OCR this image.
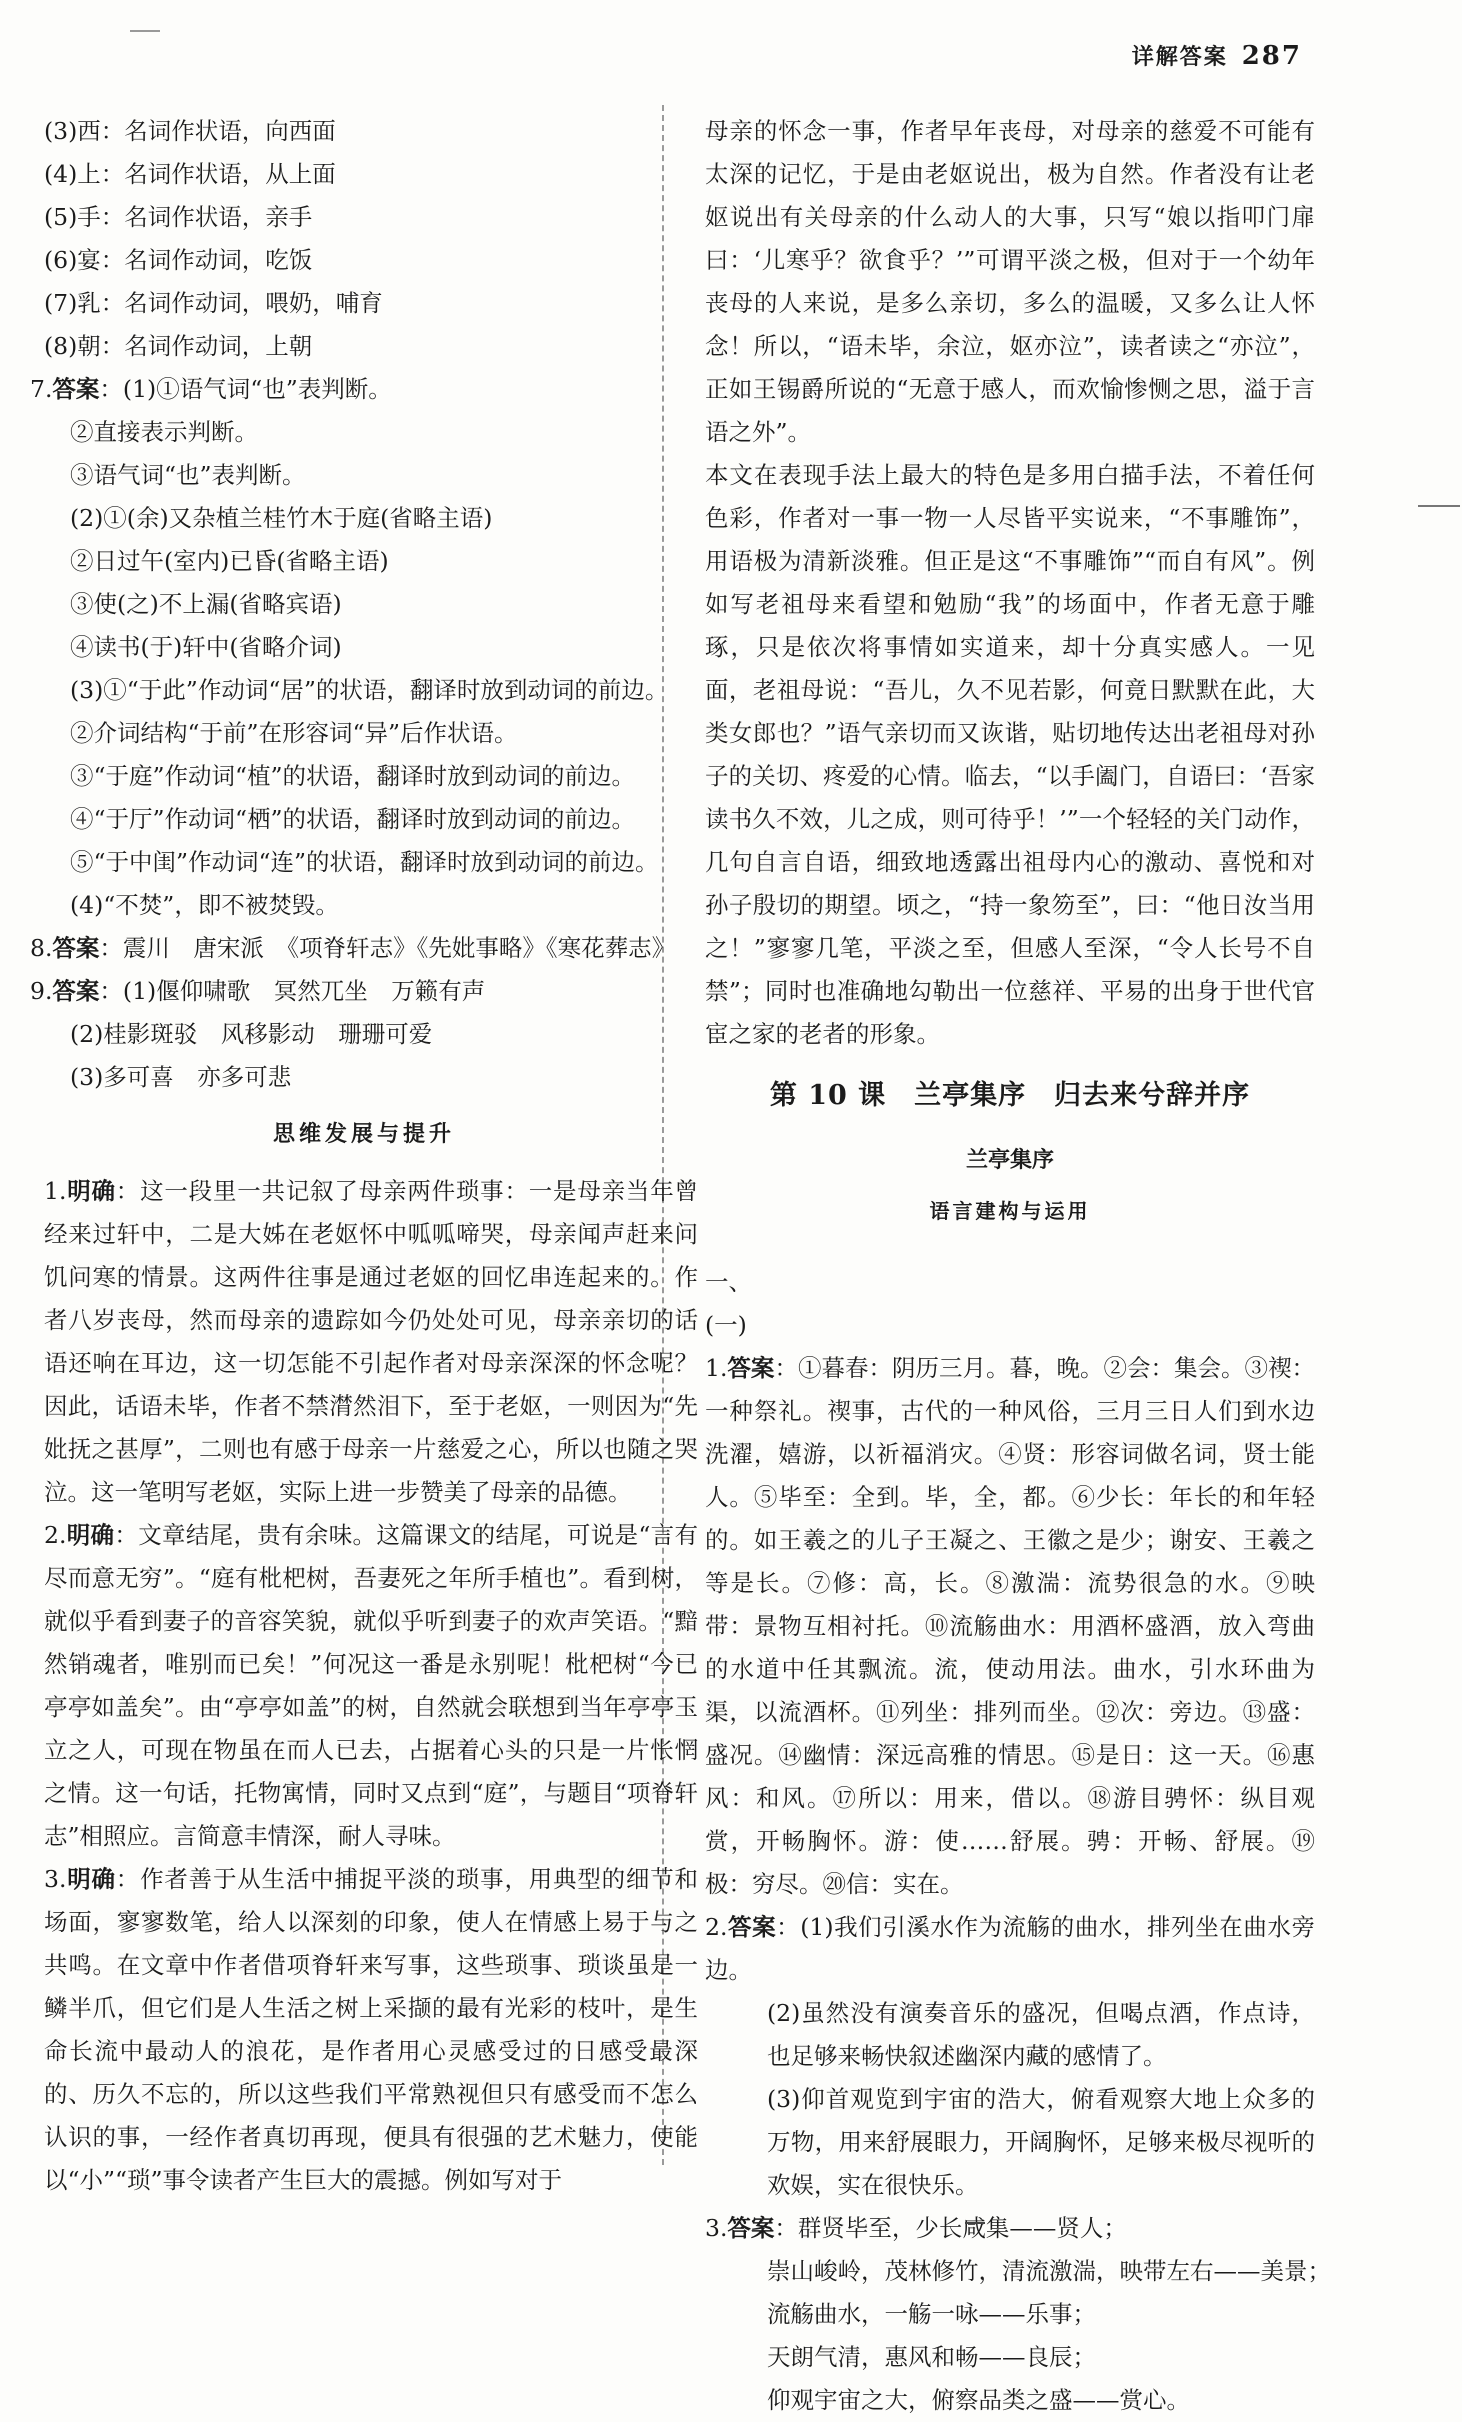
详解答案 287

(3)西：名词作状语，向西面

(4)上：名词作状语，从上面

(5)手：名词作状语，亲手

(6)宴：名词作动词，吃饭

(7)乳：名词作动词，喂奶，哺育

(8)朝：名词作动词，上朝

7.答案：(1)①语气词“也”表判断。

②直接表示判断。

③语气词“也”表判断。

(2)①(余)又杂植兰桂竹木于庭(省略主语)

②日过午(室内)已昏(省略主语)

③使(之)不上漏(省略宾语)

④读书(于)轩中(省略介词)

(3)①“于此”作动词“居”的状语，翻译时放到动词的前边。

②介词结构“于前”在形容词“异”后作状语。

③“于庭”作动词“植”的状语，翻译时放到动词的前边。

④“于厅”作动词“栖”的状语，翻译时放到动词的前边。

⑤“于中闺”作动词“连”的状语，翻译时放到动词的前边。

(4)“不焚”，即不被焚毁。

8.答案：震川　唐宋派　《项脊轩志》《先妣事略》《寒花葬志》

9.答案：(1)偃仰啸歌　冥然兀坐　万籁有声

(2)桂影斑驳　风移影动　珊珊可爱

(3)多可喜　亦多可悲

思维发展与提升

1.明确：这一段里一共记叙了母亲两件琐事：一是母亲当年曾经来过轩中，二是大姊在老妪怀中呱呱啼哭，母亲闻声赶来问饥问寒的情景。这两件往事是通过老妪的回忆串连起来的。作者八岁丧母，然而母亲的遗踪如今仍处处可见，母亲亲切的话语还响在耳边，这一切怎能不引起作者对母亲深深的怀念呢？因此，话语未毕，作者不禁潸然泪下，至于老妪，一则因为“先妣抚之甚厚”，二则也有感于母亲一片慈爱之心，所以也随之哭泣。这一笔明写老妪，实际上进一步赞美了母亲的品德。

2.明确：文章结尾，贵有余味。这篇课文的结尾，可说是“言有尽而意无穷”。“庭有枇杷树，吾妻死之年所手植也”。看到树，就似乎看到妻子的音容笑貌，就似乎听到妻子的欢声笑语。“黯然销魂者，唯别而已矣！”何况这一番是永别呢！枇杷树“今已亭亭如盖矣”。由“亭亭如盖”的树，自然就会联想到当年亭亭玉立之人，可现在物虽在而人已去，占据着心头的只是一片怅惘之情。这一句话，托物寓情，同时又点到“庭”，与题目“项脊轩志”相照应。言简意丰情深，耐人寻味。

3.明确：作者善于从生活中捕捉平淡的琐事，用典型的细节和场面，寥寥数笔，给人以深刻的印象，使人在情感上易于与之共鸣。在文章中作者借项脊轩来写事，这些琐事、琐谈虽是一鳞半爪，但它们是人生活之树上采撷的最有光彩的枝叶，是生命长流中最动人的浪花，是作者用心灵感受过的日感受最深的、历久不忘的，所以这些我们平常熟视但只有感受而不怎么认识的事，一经作者真切再现，便具有很强的艺术魅力，使能以“小”“琐”事令读者产生巨大的震撼。例如写对于

母亲的怀念一事，作者早年丧母，对母亲的慈爱不可能有太深的记忆，于是由老妪说出，极为自然。作者没有让老妪说出有关母亲的什么动人的大事，只写“娘以指叩门扉曰：‘儿寒乎？欲食乎？’”可谓平淡之极，但对于一个幼年丧母的人来说，是多么亲切，多么的温暖，又多么让人怀念！所以，“语未毕，余泣，妪亦泣”，读者读之“亦泣”，正如王锡爵所说的“无意于感人，而欢愉惨恻之思，溢于言语之外”。

本文在表现手法上最大的特色是多用白描手法，不着任何色彩，作者对一事一物一人尽皆平实说来，“不事雕饰”，用语极为清新淡雅。但正是这“不事雕饰”“而自有风”。例如写老祖母来看望和勉励“我”的场面中，作者无意于雕琢，只是依次将事情如实道来，却十分真实感人。一见面，老祖母说：“吾儿，久不见若影，何竟日默默在此，大类女郎也？”语气亲切而又诙谐，贴切地传达出老祖母对孙子的关切、疼爱的心情。临去，“以手阖门，自语曰：‘吾家读书久不效，儿之成，则可待乎！’”一个轻轻的关门动作，几句自言自语，细致地透露出祖母内心的激动、喜悦和对孙子殷切的期望。顷之，“持一象笏至”，曰：“他日汝当用之！”寥寥几笔，平淡之至，但感人至深，“令人长号不自禁”；同时也准确地勾勒出一位慈祥、平易的出身于世代官宦之家的老者的形象。

第 10 课　兰亭集序　归去来兮辞并序
兰亭集序
语言建构与运用

一、

(一)

1.答案：①暮春：阴历三月。暮，晚。②会：集会。③禊：一种祭礼。禊事，古代的一种风俗，三月三日人们到水边洗濯，嬉游，以祈福消灾。④贤：形容词做名词，贤士能人。⑤毕至：全到。毕，全，都。⑥少长：年长的和年轻的。如王羲之的儿子王凝之、王徽之是少；谢安、王羲之等是长。⑦修：高，长。⑧激湍：流势很急的水。⑨映带：景物互相衬托。⑩流觞曲水：用酒杯盛酒，放入弯曲的水道中任其飘流。流，使动用法。曲水，引水环曲为渠，以流酒杯。⑪列坐：排列而坐。⑫次：旁边。⑬盛：盛况。⑭幽情：深远高雅的情思。⑮是日：这一天。⑯惠风：和风。⑰所以：用来，借以。⑱游目骋怀：纵目观赏，开畅胸怀。游：使……舒展。骋：开畅、舒展。⑲极：穷尽。⑳信：实在。

2.答案：(1)我们引溪水作为流觞的曲水，排列坐在曲水旁边。

(2)虽然没有演奏音乐的盛况，但喝点酒，作点诗，也足够来畅快叙述幽深内藏的感情了。

(3)仰首观览到宇宙的浩大，俯看观察大地上众多的万物，用来舒展眼力，开阔胸怀，足够来极尽视听的欢娱，实在很快乐。

3.答案：群贤毕至，少长咸集——贤人；

崇山峻岭，茂林修竹，清流激湍，映带左右——美景；

流觞曲水，一觞一咏——乐事；

天朗气清，惠风和畅——良辰；

仰观宇宙之大，俯察品类之盛——赏心。
